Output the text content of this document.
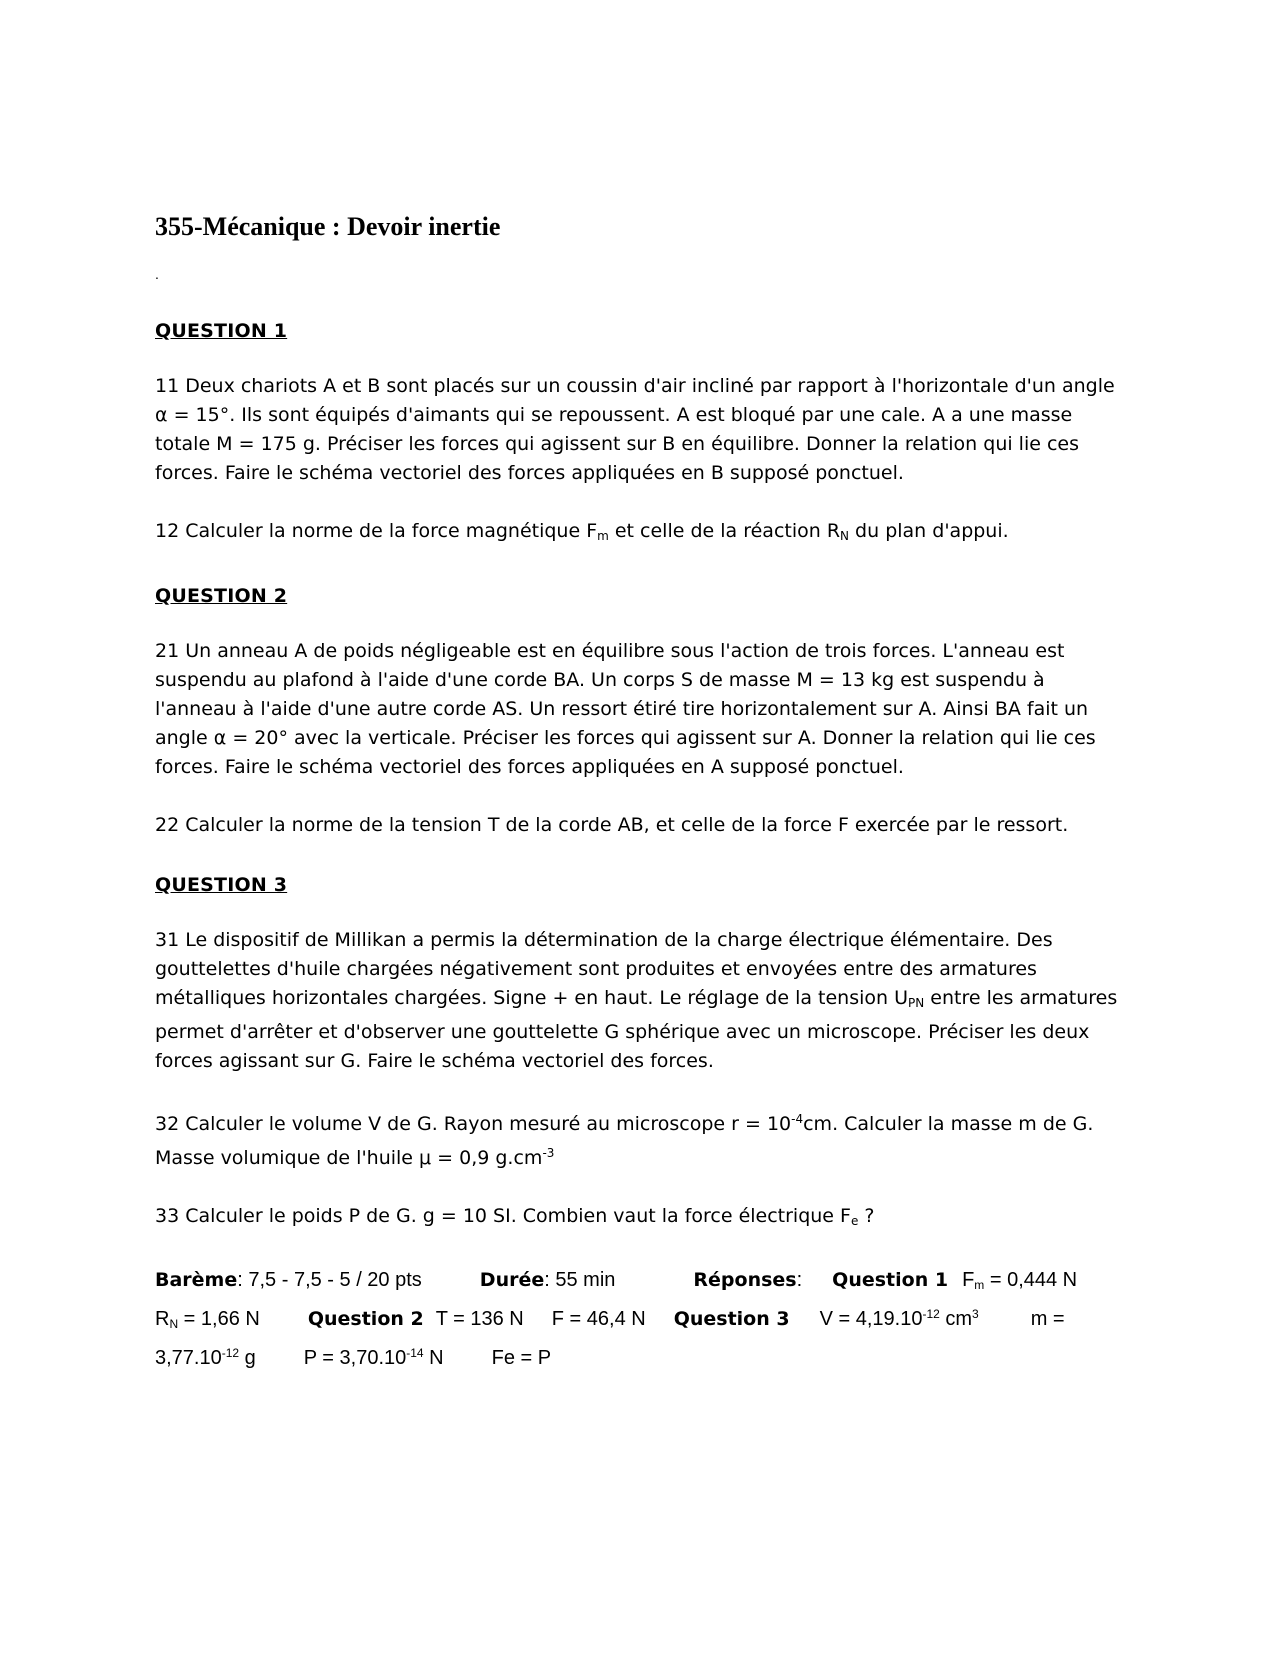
355-Mécanique : Devoir inertie
.
QUESTION 1

11 Deux chariots A et B sont placés sur un coussin d'air incliné par rapport à l'horizontale d'un angle α = 15°. Ils sont équipés d'aimants qui se repoussent. A est bloqué par une cale. A a une masse totale M = 175 g. Préciser les forces qui agissent sur B en équilibre. Donner la relation qui lie ces forces. Faire le schéma vectoriel des forces appliquées en B supposé ponctuel.

12 Calculer la norme de la force magnétique $F_m$ et celle de la réaction $R_N$ du plan d'appui.

QUESTION 2

21 Un anneau A de poids négligeable est en équilibre sous l'action de trois forces. L'anneau est suspendu au plafond à l'aide d'une corde BA. Un corps S de masse M = 13 kg est suspendu à l'anneau à l'aide d'une autre corde AS. Un ressort étiré tire horizontalement sur A. Ainsi BA fait un angle α = 20° avec la verticale. Préciser les forces qui agissent sur A. Donner la relation qui lie ces forces. Faire le schéma vectoriel des forces appliquées en A supposé ponctuel.

22 Calculer la norme de la tension T de la corde AB, et celle de la force F exercée par le ressort.

QUESTION 3

31 Le dispositif de Millikan a permis la détermination de la charge électrique élémentaire. Des gouttelettes d'huile chargées négativement sont produites et envoyées entre des armatures métalliques horizontales chargées. Signe + en haut. Le réglage de la tension $U_{PN}$ entre les armatures permet d'arrêter et d'observer une gouttelette G sphérique avec un microscope. Préciser les deux forces agissant sur G. Faire le schéma vectoriel des forces.

32 Calculer le volume V de G. Rayon mesuré au microscope $r = 10^{-4}cm$. Calculer la masse m de G. Masse volumique de l'huile μ = 0,9 $g.cm^{-3}$

33 Calculer le poids P de G. g = 10 SI. Combien vaut la force électrique $F_e$ ?

Barème: 7,5 - 7,5 - 5 / 20 pts	Durée: 55 min	Réponses: Question 1 $F_m = 0,444$ $NR_N = 1,66$ N	Question 2 T = 136 N F = 46,4 N Question 3 $V = 4,19.10^{-12}$ $cm^3$	$m = 3,77.10^{-12}$ g $P = 3,70.10^{-14}$ N Fe = P
